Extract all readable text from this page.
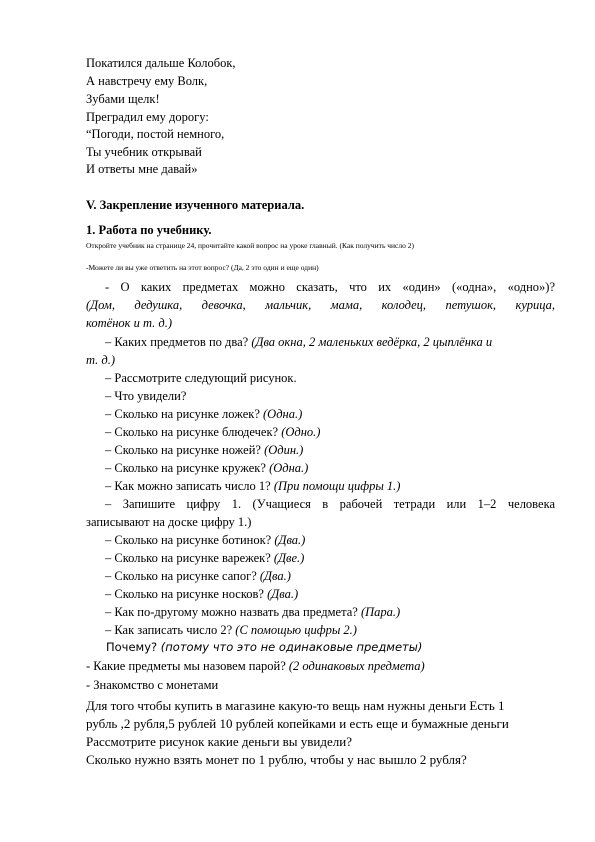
Покатился дальше Колобок,
А навстречу ему Волк,
Зубами щелк!
Преградил ему дорогу:
“Погоди, постой немного,
Ты учебник открывай
И ответы мне давай»
V. Закрепление изученного материала.
1. Работа по учебнику.
Откройте учебник на странице 24, прочитайте какой вопрос на уроке главный. (Как получить число 2)
-Можете ли вы уже ответить на этот вопрос? (Да, 2 это один и еще один)
- О каких предметах можно сказать, что их «один» («одна», «одно»)?
(Дом, дедушка, девочка, мальчик, мама, колодец, петушок, курица,
котёнок и т. д.)
– Каких предметов по два? (Два окна, 2 маленьких ведёрка, 2 цыплёнка и
т. д.)
– Рассмотрите следующий рисунок.
– Что увидели?
– Сколько на рисунке ложек? (Одна.)
– Сколько на рисунке блюдечек? (Одно.)
– Сколько на рисунке ножей? (Один.)
– Сколько на рисунке кружек? (Одна.)
– Как можно записать число 1? (При помощи цифры 1.)
– Запишите цифру 1. (Учащиеся в рабочей тетради или 1–2 человека
записывают на доске цифру 1.)
– Сколько на рисунке ботинок? (Два.)
– Сколько на рисунке варежек? (Две.)
– Сколько на рисунке сапог? (Два.)
– Сколько на рисунке носков? (Два.)
– Как по-другому можно назвать два предмета? (Пара.)
– Как записать число 2? (С помощью цифры 2.)
Почему? (потому что это не одинаковые предметы)
- Какие предметы мы назовем парой? (2 одинаковых предмета)
- Знакомство с монетами
Для того чтобы купить в магазине какую-то вещь нам нужны деньги Есть 1
рубль ,2 рубля,5 рублей 10 рублей копейками и есть еще и бумажные деньги
Рассмотрите рисунок какие деньги вы увидели?
Сколько нужно взять монет по 1 рублю, чтобы у нас вышло 2 рубля?
